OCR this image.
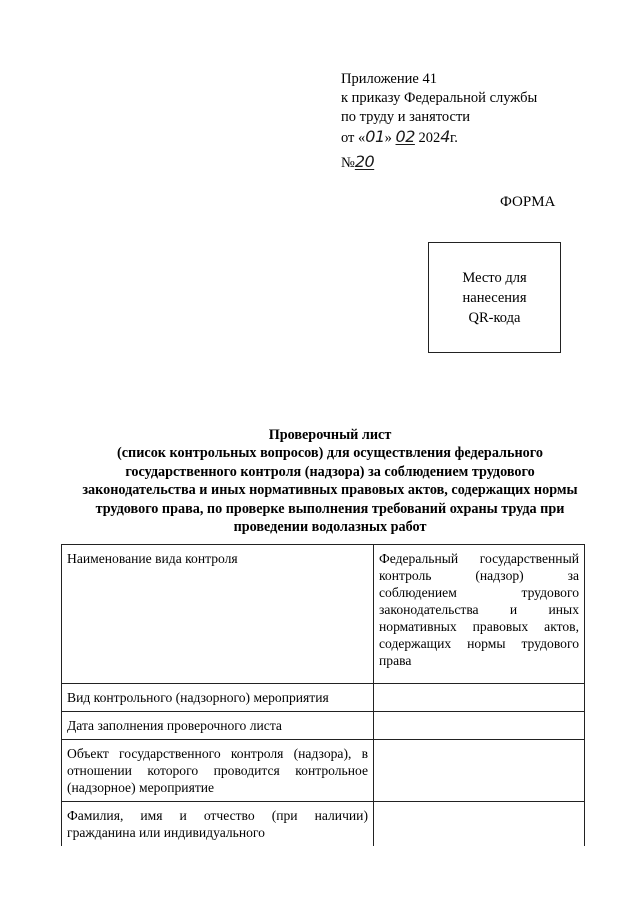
Приложение 41
к приказу Федеральной службы
по труду и занятости
от «01» 02 2024г.
№20
ФОРМА
Место для
нанесения
QR-кода
Проверочный лист
(список контрольных вопросов) для осуществления федерального
государственного контроля (надзора) за соблюдением трудового
законодательства и иных нормативных правовых актов, содержащих нормы
трудового права, по проверке выполнения требований охраны труда при
проведении водолазных работ
Наименование вида контроля	Федеральный государственный контроль (надзор) за соблюдением трудового законодательства и иных нормативных правовых актов, содержащих нормы трудового права
Вид контрольного (надзорного) мероприятия	
Дата заполнения проверочного листа	
Объект государственного контроля (надзора), в отношении которого проводится контрольное (надзорное) мероприятие	
Фамилия, имя и отчество (при наличии) гражданина или индивидуального	
